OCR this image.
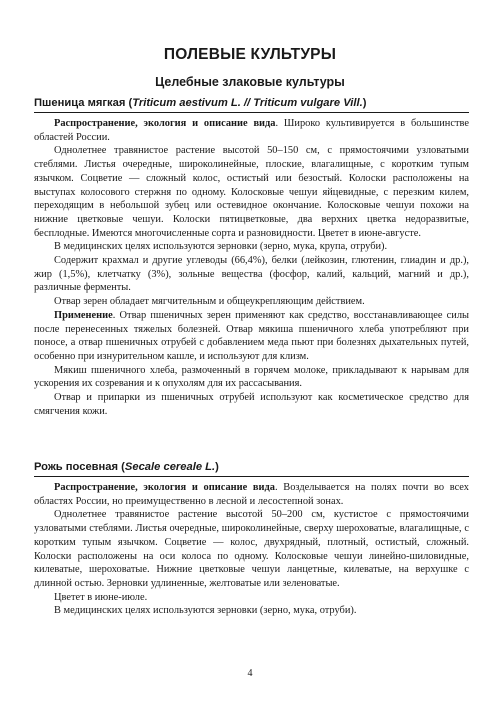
ПОЛЕВЫЕ КУЛЬТУРЫ
Целебные злаковые культуры
Пшеница мягкая (Triticum aestivum L. // Triticum vulgare Vill.)

Распространение, экология и описание вида. Широко культивируется в большинстве областей России.

Однолетнее травянистое растение высотой 50–150 см, с прямостоячими узловатыми стеблями. Листья очередные, широколинейные, плоские, влагалищные, с коротким тупым язычком. Соцветие — сложный колос, остистый или безостый. Колоски расположены на выступах колосового стержня по одному. Колосковые чешуи яйцевидные, с перезким килем, переходящим в небольшой зубец или остевидное окончание. Колосковые чешуи похожи на нижние цветковые чешуи. Колоски пятицветковые, два верхних цветка недоразвитые, бесплодные. Имеются многочисленные сорта и разновидности. Цветет в июне-августе.

В медицинских целях используются зерновки (зерно, мука, крупа, отруби).

Содержит крахмал и другие углеводы (66,4%), белки (лейкозин, глютенин, глиадин и др.), жир (1,5%), клетчатку (3%), зольные вещества (фосфор, калий, кальций, магний и др.), различные ферменты.

Отвар зерен обладает мягчительным и общеукрепляющим действием.

Применение. Отвар пшеничных зерен применяют как средство, восстанавливающее силы после перенесенных тяжелых болезней. Отвар мякиша пшеничного хлеба употребляют при поносе, а отвар пшеничных отрубей с добавлением меда пьют при болезнях дыхательных путей, особенно при изнурительном кашле, и используют для клизм.

Мякиш пшеничного хлеба, размоченный в горячем молоке, прикладывают к нарывам для ускорения их созревания и к опухолям для их рассасывания.

Отвар и припарки из пшеничных отрубей используют как косметическое средство для смягчения кожи.

Рожь посевная (Secale cereale L.)

Распространение, экология и описание вида. Возделывается на полях почти во всех областях России, но преимущественно в лесной и лесостепной зонах.

Однолетнее травянистое растение высотой 50–200 см, кустистое с прямостоячими узловатыми стеблями. Листья очередные, широколинейные, сверху шероховатые, влагалищные, с коротким тупым язычком. Соцветие — колос, двухрядный, плотный, остистый, сложный. Колоски расположены на оси колоса по одному. Колосковые чешуи линейно-шиловидные, килеватые, шероховатые. Нижние цветковые чешуи ланцетные, килеватые, на верхушке с длинной остью. Зерновки удлиненные, желтоватые или зеленоватые.

Цветет в июне-июле.

В медицинских целях используются зерновки (зерно, мука, отруби).

4
